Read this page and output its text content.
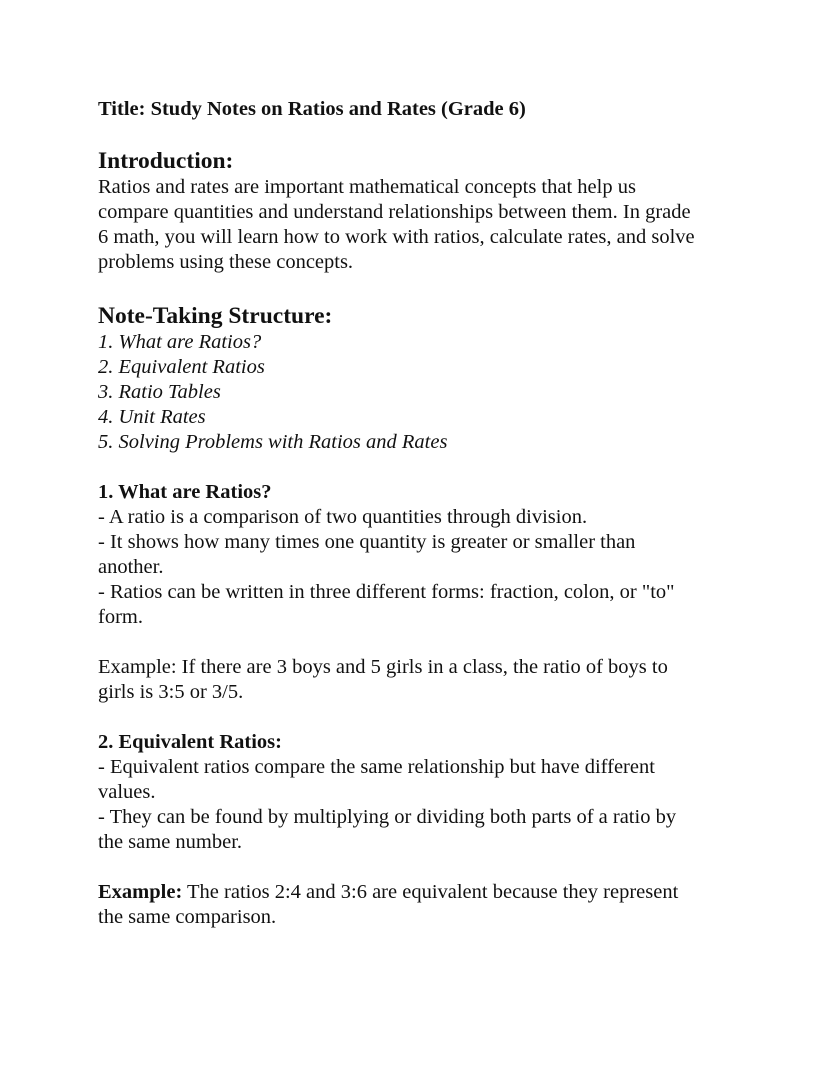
Title: Study Notes on Ratios and Rates (Grade 6)

Introduction:

Ratios and rates are important mathematical concepts that help us
compare quantities and understand relationships between them. In grade
6 math, you will learn how to work with ratios, calculate rates, and solve
problems using these concepts.

Note-Taking Structure:

1. What are Ratios?
2. Equivalent Ratios
3. Ratio Tables
4. Unit Rates
5. Solving Problems with Ratios and Rates

1. What are Ratios?

- A ratio is a comparison of two quantities through division.
- It shows how many times one quantity is greater or smaller than
another.
- Ratios can be written in three different forms: fraction, colon, or "to"
form.
Example: If there are 3 boys and 5 girls in a class, the ratio of boys to
girls is 3:5 or 3/5.

2. Equivalent Ratios:

- Equivalent ratios compare the same relationship but have different
values.
- They can be found by multiplying or dividing both parts of a ratio by
the same number.
Example: The ratios 2:4 and 3:6 are equivalent because they represent
the same comparison.
